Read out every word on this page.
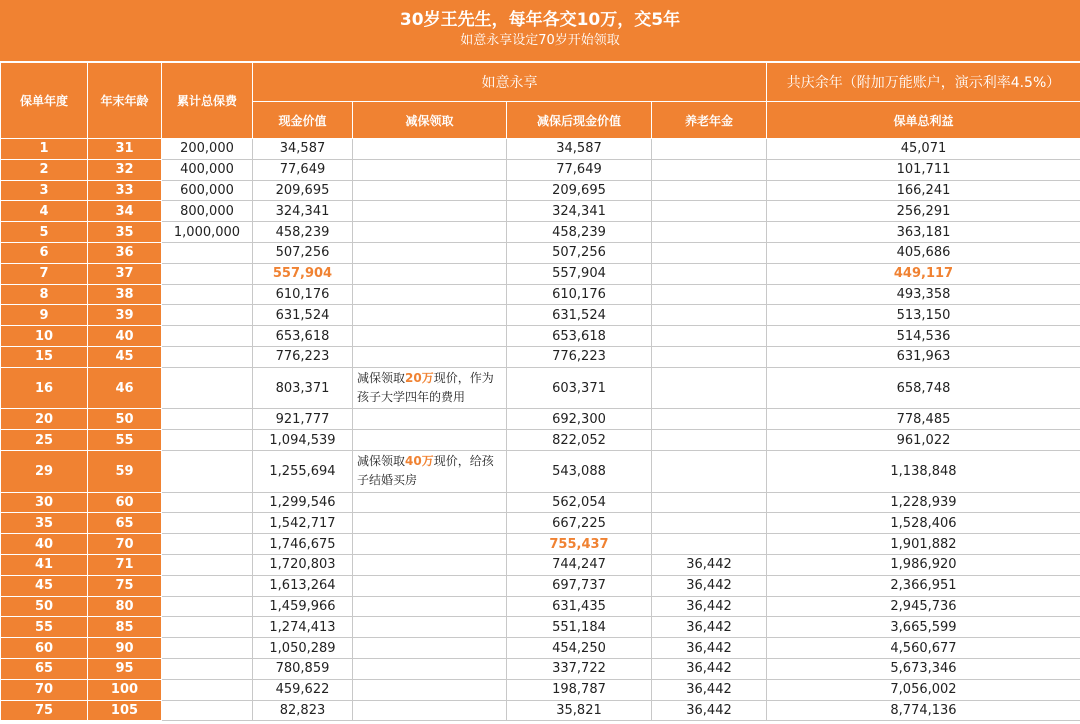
30岁王先生，每年各交10万，交5年
如意永享设定70岁开始领取
保单年度	年末年龄	累计总保费	如意永享				共庆余年（附加万能账户，演示利率4.5%）
			现金价值	减保领取	减保后现金价值	养老年金	保单总利益
1	31	200,000	34,587		34,587		45,071
2	32	400,000	77,649		77,649		101,711
3	33	600,000	209,695		209,695		166,241
4	34	800,000	324,341		324,341		256,291
5	35	1,000,000	458,239		458,239		363,181
6	36		507,256		507,256		405,686
7	37		557,904		557,904		449,117
8	38		610,176		610,176		493,358
9	39		631,524		631,524		513,150
10	40		653,618		653,618		514,536
15	45		776,223		776,223		631,963
16	46		803,371	减保领取20万现价，作为孩子大学四年的费用	603,371		658,748
20	50		921,777		692,300		778,485
25	55		1,094,539		822,052		961,022
29	59		1,255,694	减保领取40万现价，给孩子结婚买房	543,088		1,138,848
30	60		1,299,546		562,054		1,228,939
35	65		1,542,717		667,225		1,528,406
40	70		1,746,675		755,437		1,901,882
41	71		1,720,803		744,247	36,442	1,986,920
45	75		1,613,264		697,737	36,442	2,366,951
50	80		1,459,966		631,435	36,442	2,945,736
55	85		1,274,413		551,184	36,442	3,665,599
60	90		1,050,289		454,250	36,442	4,560,677
65	95		780,859		337,722	36,442	5,673,346
70	100		459,622		198,787	36,442	7,056,002
75	105		82,823		35,821	36,442	8,774,136
